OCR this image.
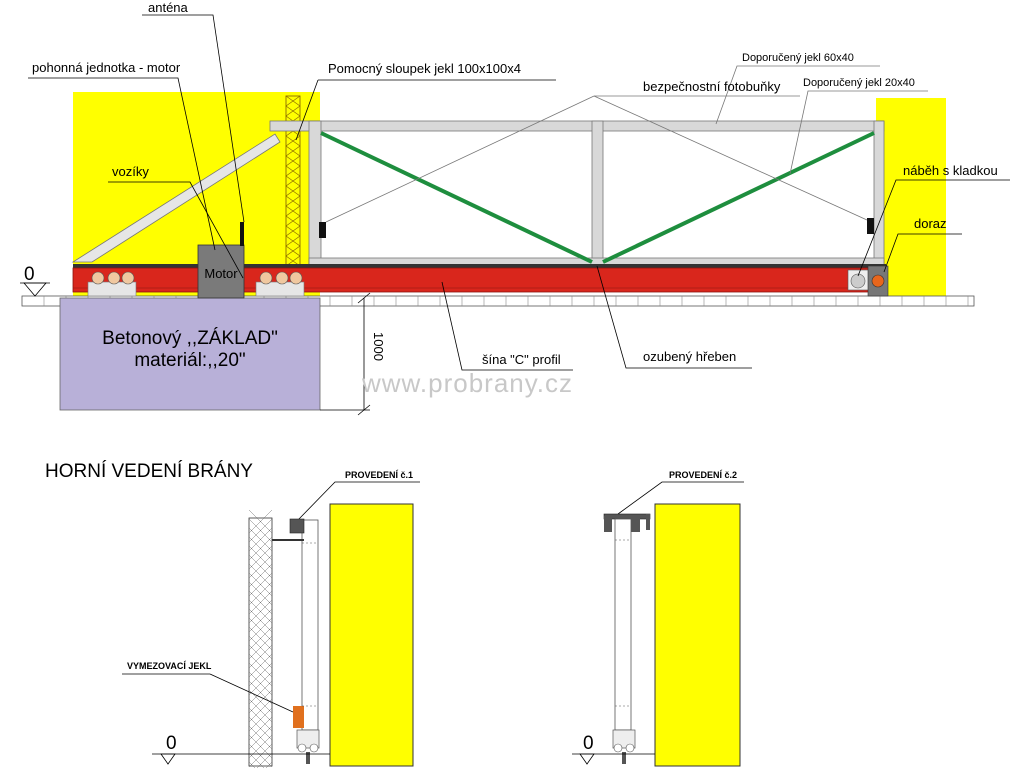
Betonový ,,ZÁKLAD"
materiál:,,20"	1000
0	Motor
www.probrany.cz
anténa
pohonná jednotka - motor	Pomocný sloupek jekl 100x100x4
Doporučený jekl 60x40
bezpečnostní fotobuňky Doporučený jekl 20x40
vozíky	náběh s kladkou
doraz
šína "C" profil	ozubený hřeben
HORNÍ VEDENÍ BRÁNY	PROVEDENÍ č.1
VYMEZOVACÍ JEKL
0
PROVEDENÍ č.2
0
